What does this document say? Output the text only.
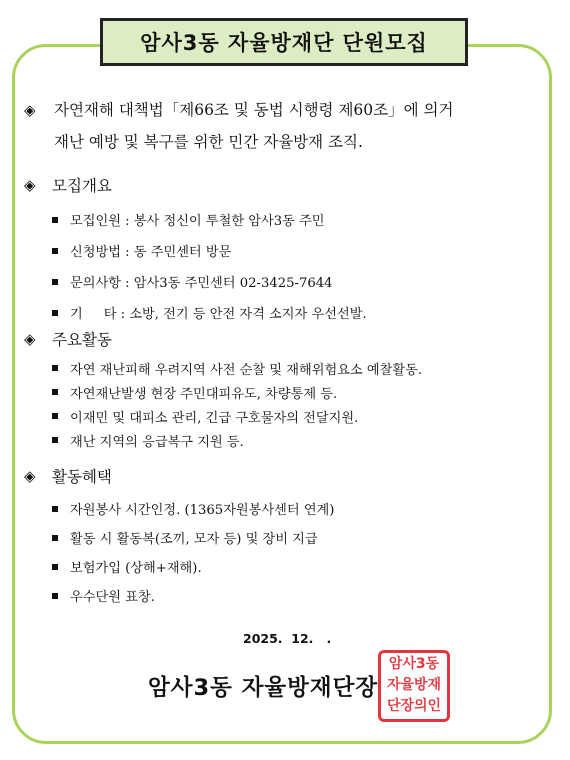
암사3동 자율방재단 단원모집
◈	자연재해 대책법「제66조 및 동법 시행령 제60조」에 의거
재난 예방 및 복구를 위한 민간 자율방재 조직.
◈	모집개요
모집인원 : 봉사 정신이 투철한 암사3동 주민
신청방법 : 동 주민센터 방문
문의사항 : 암사3동 주민센터 02-3425-7644
기     타 : 소방, 전기 등 안전 자격 소지자 우선선발.
◈	주요활동
자연 재난피해 우려지역 사전 순찰 및 재해위험요소 예찰활동.
자연재난발생 현장 주민대피유도, 차량통제 등.
이재민 및 대피소 관리, 긴급 구호물자의 전달지원.
재난 지역의 응급복구 지원 등.
◈	활동혜택
자원봉사 시간인정. (1365자원봉사센터 연계)
활동 시 활동복(조끼, 모자 등) 및 장비 지급
보험가입 (상해+재해).
우수단원 표창.
2025.  12.   .
암사3동 자율방재단장
암사3동
자율방재
단장의인
